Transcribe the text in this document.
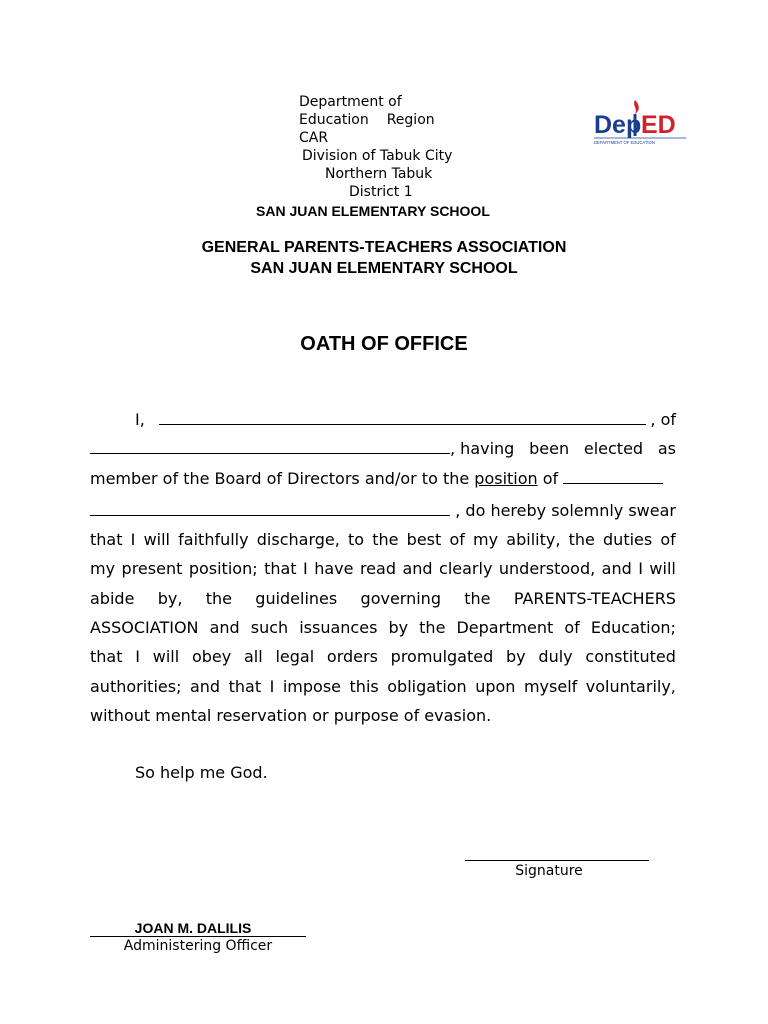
Department of
Education Region
CAR
Division of Tabuk City
Northern Tabuk
District 1
SAN JUAN ELEMENTARY SCHOOL
Dep ED
DEPARTMENT OF EDUCATION
GENERAL PARENTS-TEACHERS ASSOCIATION
SAN JUAN ELEMENTARY SCHOOL
OATH OF OFFICE
I,	, of
, having been elected as
member of the Board of Directors and/or to the position of
, do hereby solemnly swear
that I will faithfully discharge, to the best of my ability, the duties of
my present position; that I have read and clearly understood, and I will
abide by, the guidelines governing the PARENTS-TEACHERS
ASSOCIATION and such issuances by the Department of Education;
that I will obey all legal orders promulgated by duly constituted
authorities; and that I impose this obligation upon myself voluntarily,
without mental reservation or purpose of evasion.
So help me God.
Signature
JOAN M. DALILIS
Administering Officer
